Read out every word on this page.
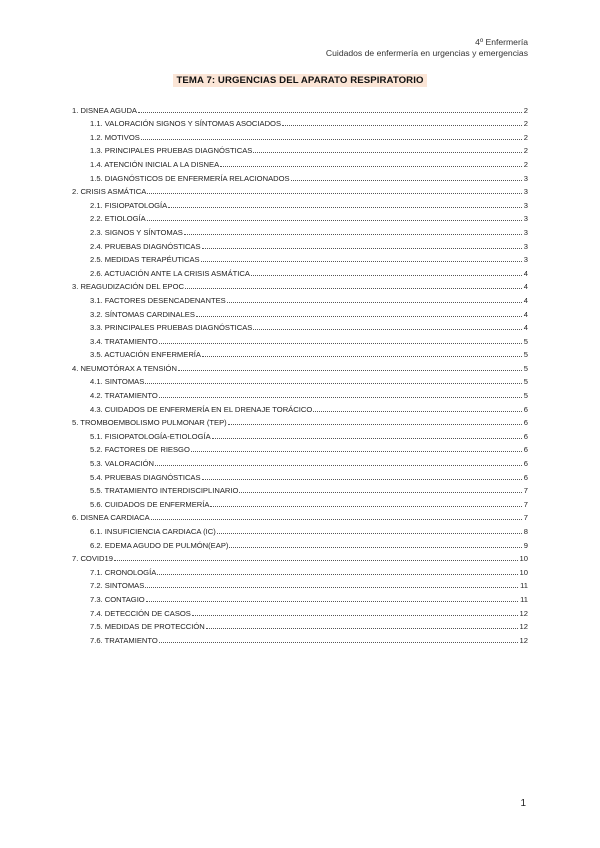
4º Enfermería
Cuidados de enfermería en urgencias y emergencias
TEMA 7: URGENCIAS DEL APARATO RESPIRATORIO
1. DISNEA AGUDA	2
1.1. VALORACIÓN SIGNOS Y SÍNTOMAS ASOCIADOS	2
1.2. MOTIVOS	2
1.3. PRINCIPALES PRUEBAS DIAGNÓSTICAS	2
1.4. ATENCIÓN INICIAL A LA DISNEA	2
1.5. DIAGNÓSTICOS DE ENFERMERÍA RELACIONADOS	3
2. CRISIS ASMÁTICA	3
2.1. FISIOPATOLOGÍA	3
2.2. ETIOLOGÍA	3
2.3. SIGNOS Y SÍNTOMAS	3
2.4. PRUEBAS DIAGNÓSTICAS	3
2.5. MEDIDAS TERAPÉUTICAS	3
2.6. ACTUACIÓN ANTE LA CRISIS ASMÁTICA	4
3. REAGUDIZACIÓN DEL EPOC	4
3.1. FACTORES DESENCADENANTES	4
3.2. SÍNTOMAS CARDINALES	4
3.3. PRINCIPALES PRUEBAS DIAGNÓSTICAS	4
3.4. TRATAMIENTO	5
3.5. ACTUACIÓN ENFERMERÍA	5
4. NEUMOTÓRAX A TENSIÓN	5
4.1. SINTOMAS	5
4.2. TRATAMIENTO	5
4.3. CUIDADOS DE ENFERMERÍA EN EL DRENAJE TORÁCICO	6
5. TROMBOEMBOLISMO PULMONAR (TEP)	6
5.1. FISIOPATOLOGÍA-ETIOLOGÍA	6
5.2. FACTORES DE RIESGO	6
5.3. VALORACIÓN	6
5.4. PRUEBAS DIAGNÓSTICAS	6
5.5. TRATAMIENTO INTERDISCIPLINARIO	7
5.6. CUIDADOS DE ENFERMERÍA	7
6. DISNEA CARDIACA	7
6.1. INSUFICIENCIA CARDIACA (IC)	8
6.2. EDEMA AGUDO DE PULMÓN(EAP)	9
7. COVID19	10
7.1. CRONOLOGÍA	10
7.2. SINTOMAS	11
7.3. CONTAGIO	11
7.4. DETECCIÓN DE CASOS	12
7.5. MEDIDAS DE PROTECCIÓN	12
7.6. TRATAMIENTO	12
1
